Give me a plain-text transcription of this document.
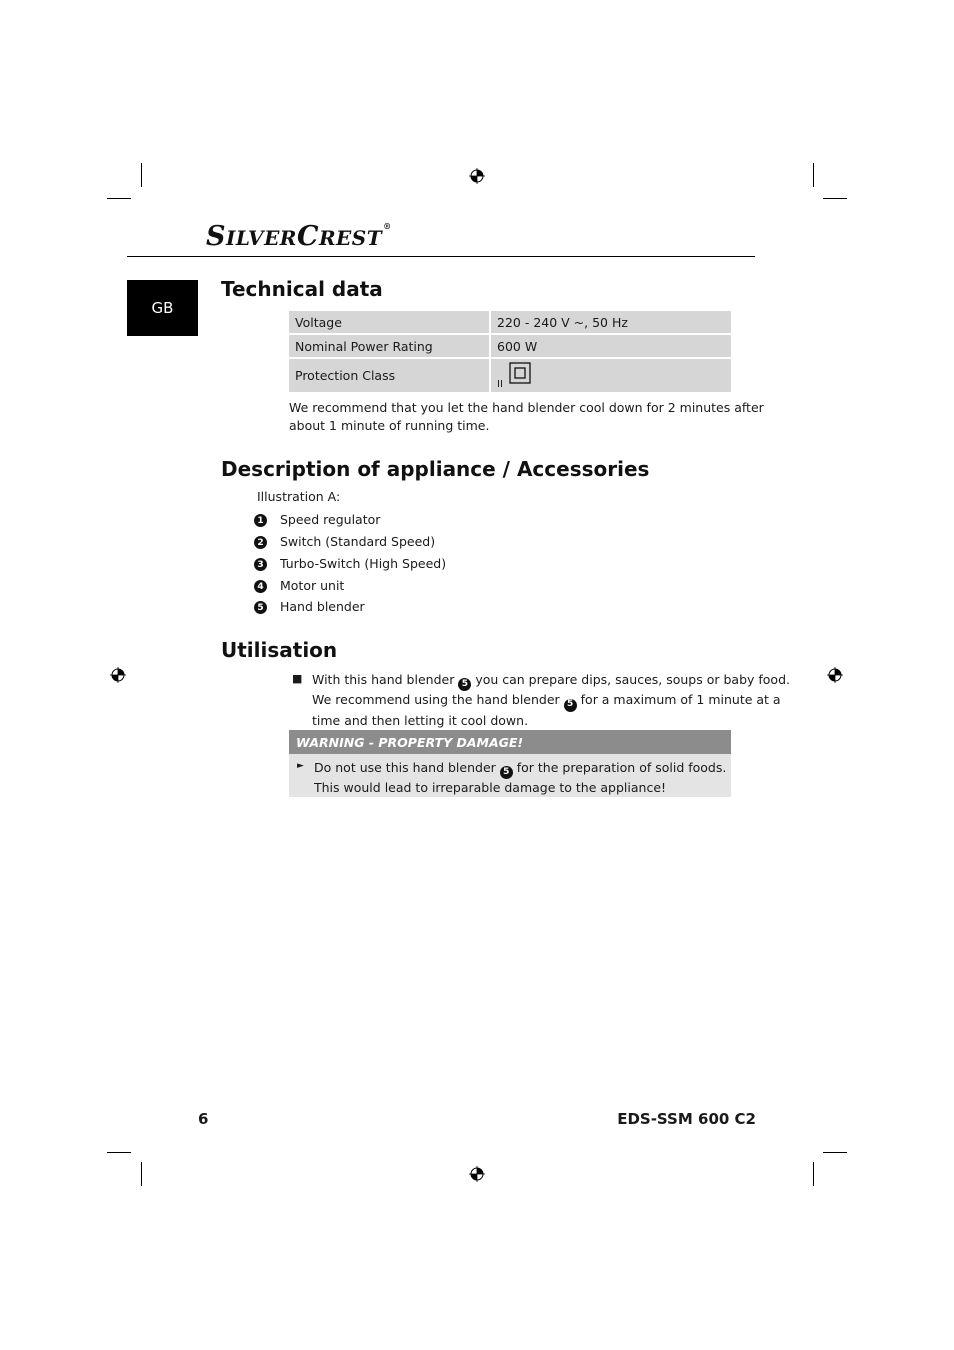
SILVERCREST®
GB
Technical data
Voltage	220 - 240 V ~, 50 Hz
Nominal Power Rating	600 W
Protection Class	$_{II}$
We recommend that you let the hand blender cool down for 2 minutes after
about 1 minute of running time.
Description of appliance / Accessories
Illustration A:
1 Speed regulator
2 Switch (Standard Speed)
3 Turbo-Switch (High Speed)
4 Motor unit
5 Hand blender
Utilisation
■ With this hand blender 5 you can prepare dips, sauces, soups or baby food.
We recommend using the hand blender 5 for a maximum of 1 minute at a
time and then letting it cool down.
WARNING - PROPERTY DAMAGE!
► Do not use this hand blender 5 for the preparation of solid foods.
This would lead to irreparable damage to the appliance!
6	EDS-SSM 600 C2
